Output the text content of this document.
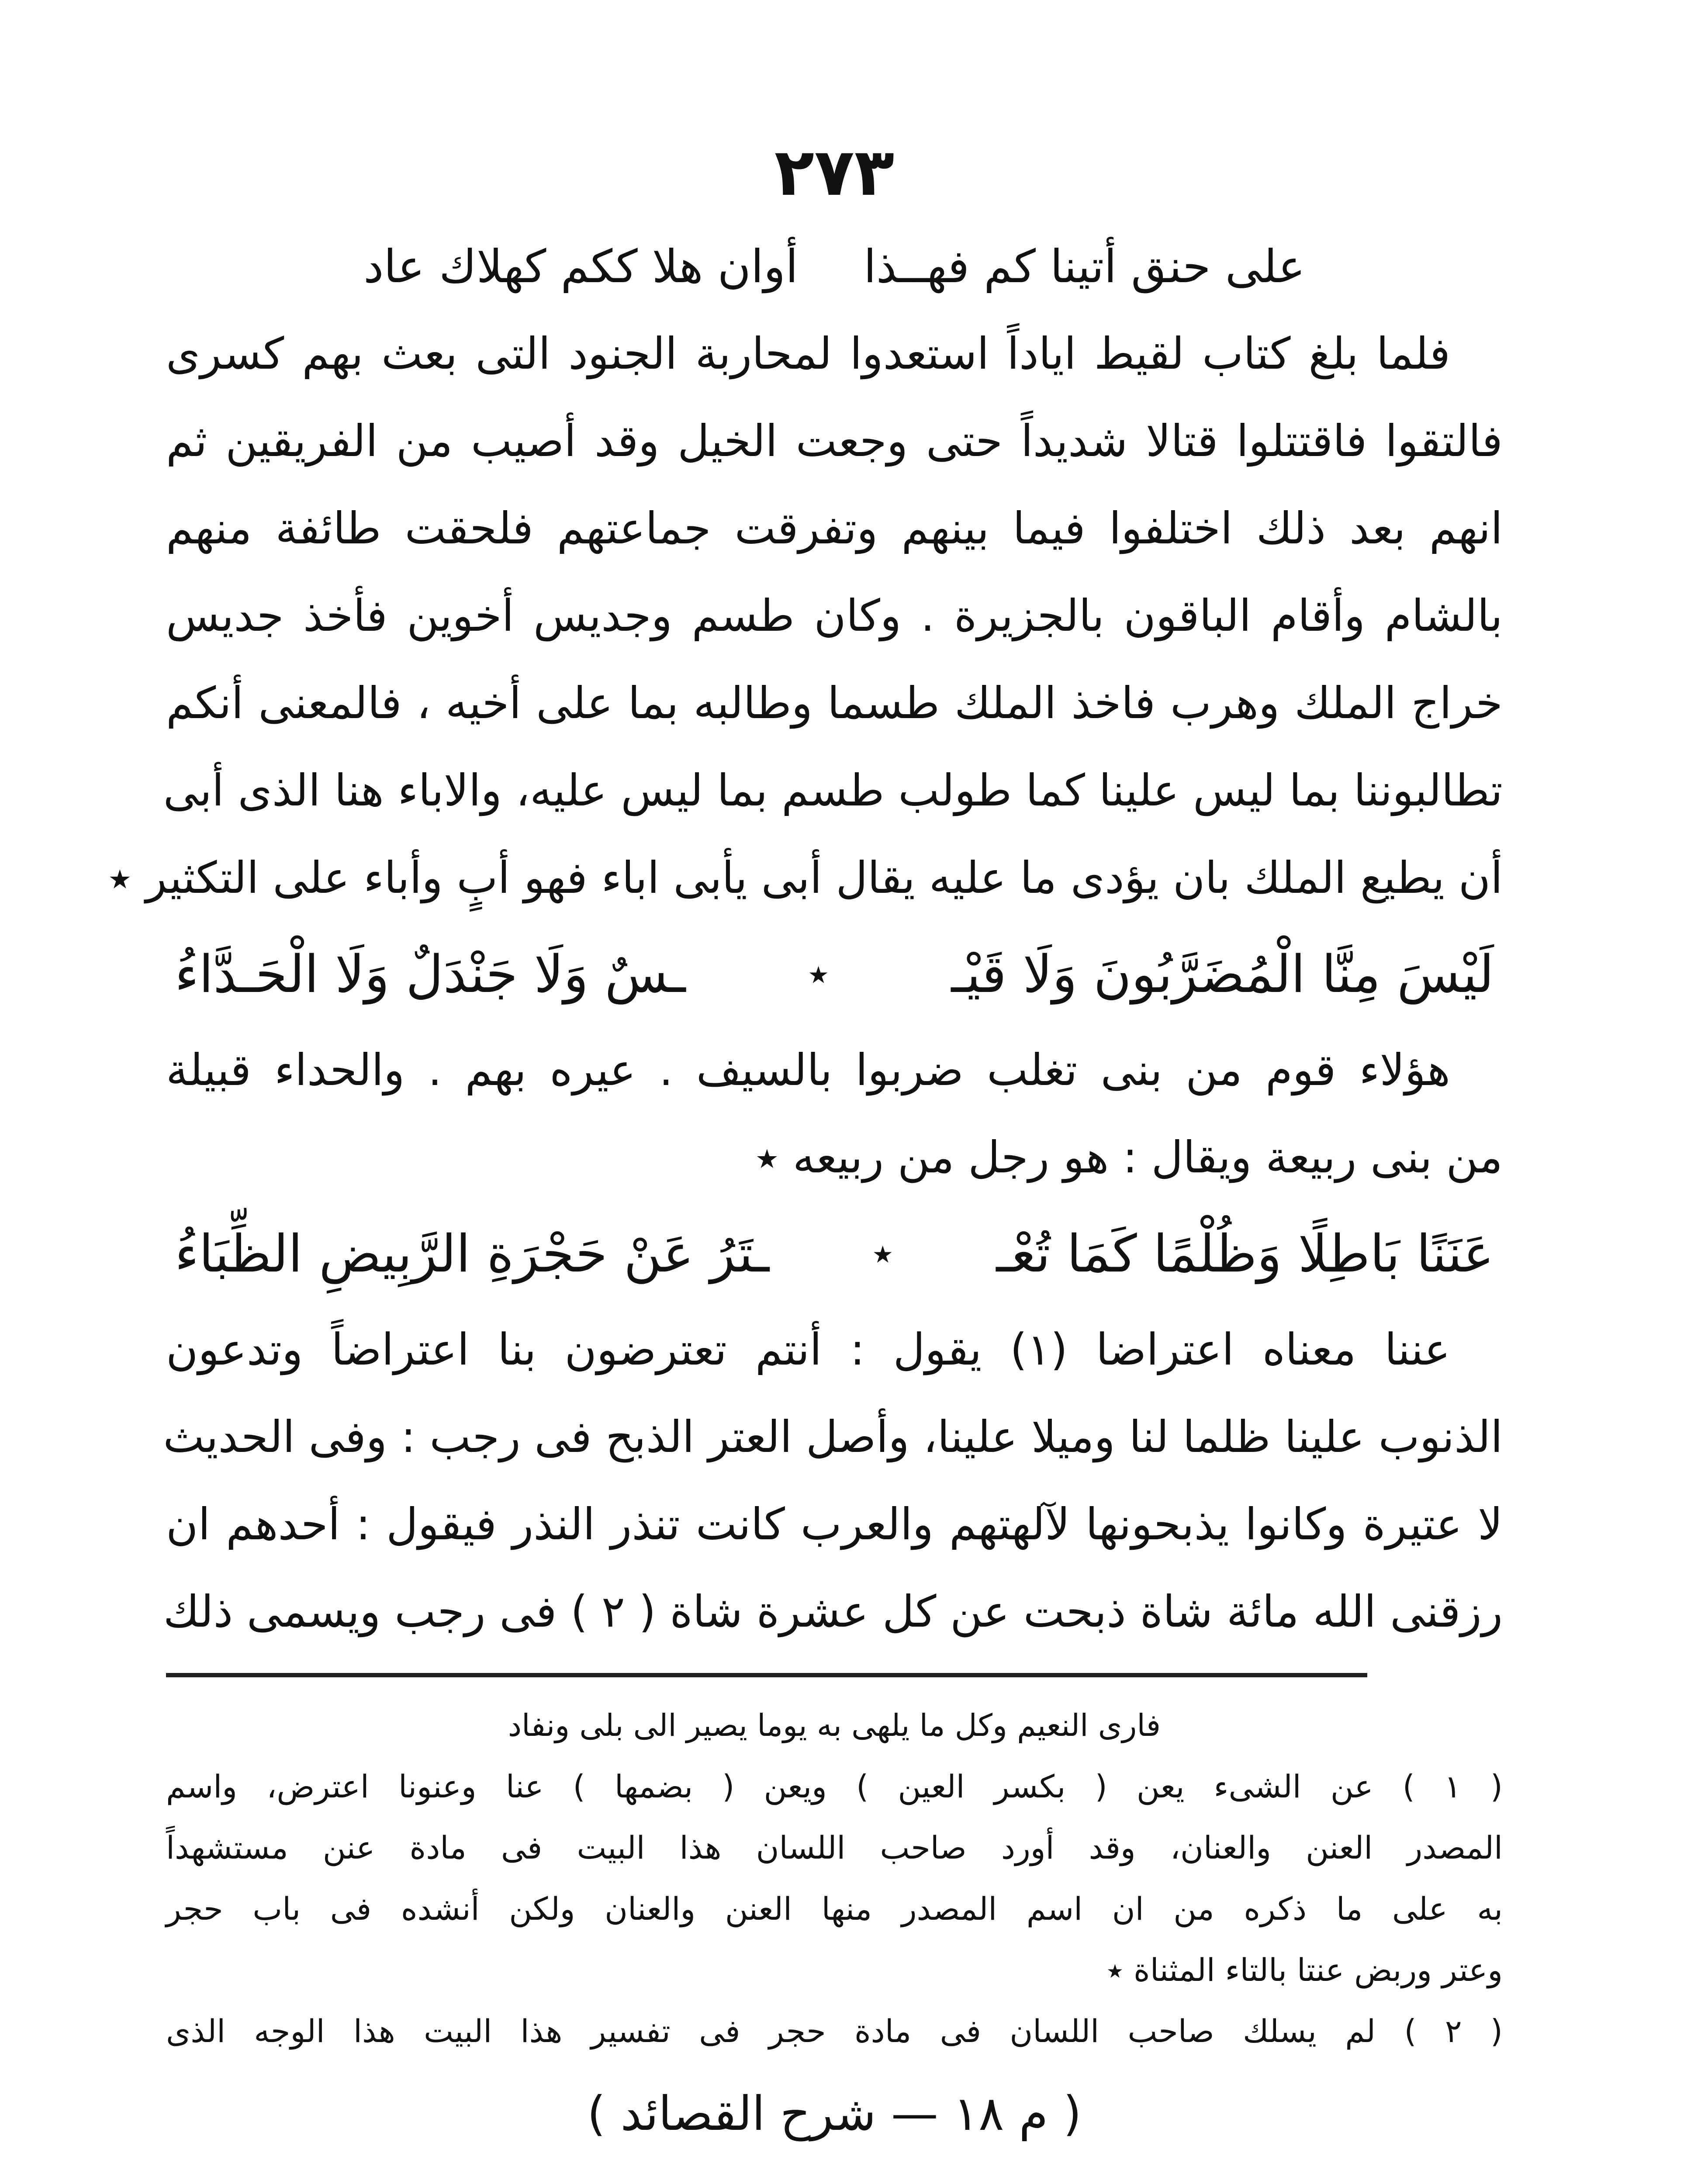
٢٧٣
على حنق أتينا كم فهــذا
أوان هلا ككم كهلاك عاد
فلما بلغ كتاب لقيط اياداً استعدوا لمحاربة الجنود التى بعث بهم كسرى
فالتقوا فاقتتلوا قتالا شديداً حتى وجعت الخيل وقد أصيب من الفريقين ثم
انهم بعد ذلك اختلفوا فيما بينهم وتفرقت جماعتهم فلحقت طائفة منهم
بالشام وأقام الباقون بالجزيرة . وكان طسم وجديس أخوين فأخذ جديس
خراج الملك وهرب فاخذ الملك طسما وطالبه بما على أخيه ، فالمعنى أنكم
تطالبوننا بما ليس علينا كما طولب طسم بما ليس عليه، والاباء هنا الذى أبى
أن يطيع الملك بان يؤدى ما عليه يقال أبى يأبى اباء فهو أبٍ وأباء على التكثير ٭
لَيْسَ مِنَّا الْمُضَرَّبُونَ وَلَا قَيْـ
٭
ـسٌ وَلَا جَنْدَلٌ وَلَا الْحَـدَّاءُ
هؤلاء قوم من بنى تغلب ضربوا بالسيف . عيره بهم . والحداء قبيلة
من بنى ربيعة ويقال : هو رجل من ربيعه ٭
عَنَنًا بَاطِلًا وَظُلْمًا كَمَا تُعْـ
٭
ـتَرُ عَنْ حَجْرَةِ الرَّبِيضِ الظِّبَاءُ
عننا معناه اعتراضا (١) يقول : أنتم تعترضون بنا اعتراضاً وتدعون
الذنوب علينا ظلما لنا وميلا علينا، وأصل العتر الذبح فى رجب : وفى الحديث
لا عتيرة وكانوا يذبحونها لآلهتهم والعرب كانت تنذر النذر فيقول : أحدهم ان
رزقنى الله مائة شاة ذبحت عن كل عشرة شاة ( ٢ ) فى رجب ويسمى ذلك
فارى النعيم وكل ما يلهى به يوما يصير الى بلى ونفاد
( ١ ) عن الشىء يعن ( بكسر العين ) ويعن ( بضمها ) عنا وعنونا اعترض، واسم
المصدر العنن والعنان، وقد أورد صاحب اللسان هذا البيت فى مادة عنن مستشهداً
به على ما ذكره من ان اسم المصدر منها العنن والعنان ولكن أنشده فى باب حجر
وعتر وربض عنتا بالتاء المثناة ٭
( ٢ ) لم يسلك صاحب اللسان فى مادة حجر فى تفسير هذا البيت هذا الوجه الذى
( م ١٨ — شرح القصائد )
